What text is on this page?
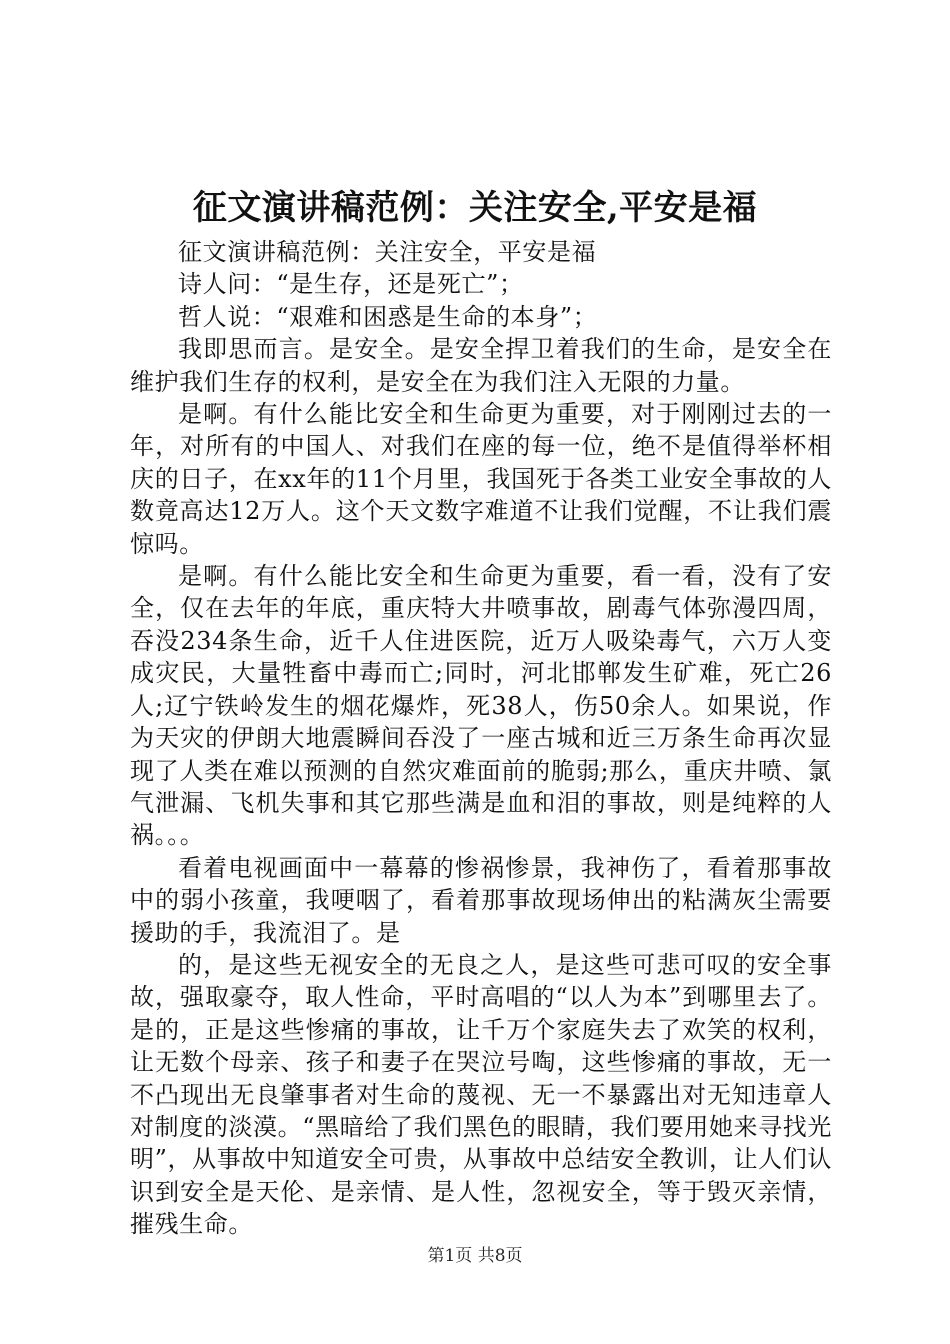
征文演讲稿范例：关注安全,平安是福

征文演讲稿范例：关注安全，平安是福

诗人问：“是生存，还是死亡”；

哲人说：“艰难和困惑是生命的本身”；

我即思而言。是安全。是安全捍卫着我们的生命，是安全在维护我们生存的权利，是安全在为我们注入无限的力量。

是啊。有什么能比安全和生命更为重要，对于刚刚过去的一年，对所有的中国人、对我们在座的每一位，绝不是值得举杯相庆的日子，在xx年的11个月里，我国死于各类工业安全事故的人数竟高达12万人。这个天文数字难道不让我们觉醒，不让我们震惊吗。

是啊。有什么能比安全和生命更为重要，看一看，没有了安全，仅在去年的年底，重庆特大井喷事故，剧毒气体弥漫四周，吞没234条生命，近千人住进医院，近万人吸染毒气，六万人变成灾民，大量牲畜中毒而亡;同时，河北邯郸发生矿难，死亡26人;辽宁铁岭发生的烟花爆炸，死38人，伤50余人。如果说，作为天灾的伊朗大地震瞬间吞没了一座古城和近三万条生命再次显现了人类在难以预测的自然灾难面前的脆弱;那么，重庆井喷、氯气泄漏、飞机失事和其它那些满是血和泪的事故，则是纯粹的人祸。。。

看着电视画面中一幕幕的惨祸惨景，我神伤了，看着那事故中的弱小孩童，我哽咽了，看着那事故现场伸出的粘满灰尘需要援助的手，我流泪了。是

的，是这些无视安全的无良之人，是这些可悲可叹的安全事故，强取豪夺，取人性命，平时高唱的“以人为本”到哪里去了。是的，正是这些惨痛的事故，让千万个家庭失去了欢笑的权利，让无数个母亲、孩子和妻子在哭泣号啕，这些惨痛的事故，无一不凸现出无良肇事者对生命的蔑视、无一不暴露出对无知违章人对制度的淡漠。“黑暗给了我们黑色的眼睛，我们要用她来寻找光明”，从事故中知道安全可贵，从事故中总结安全教训，让人们认识到安全是天伦、是亲情、是人性，忽视安全，等于毁灭亲情，摧残生命。

第1页 共8页
